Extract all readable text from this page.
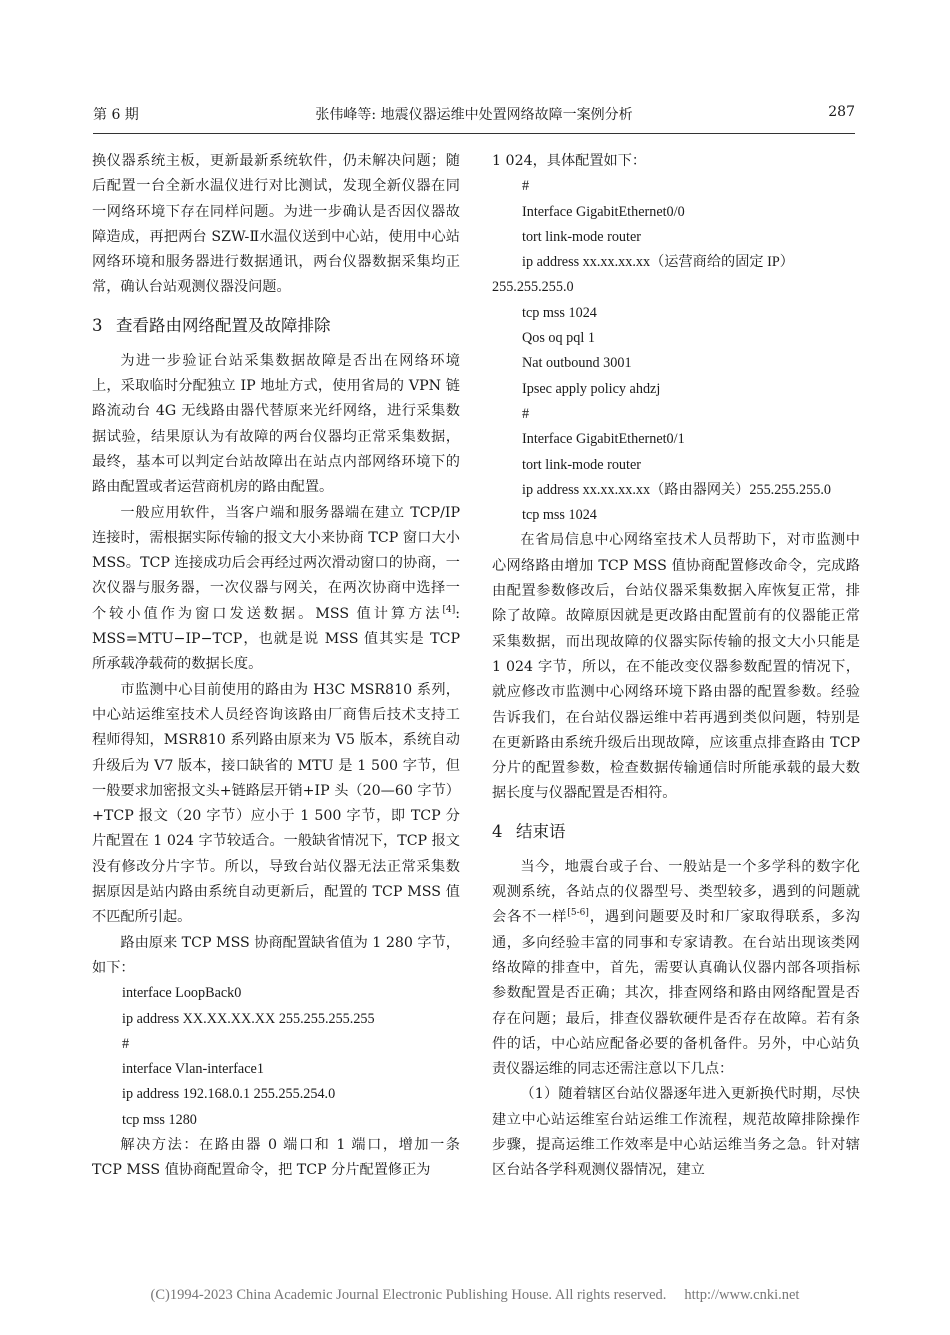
第 6 期	张伟峰等: 地震仪器运维中处置网络故障一案例分析	287

换仪器系统主板，更新最新系统软件，仍未解决问题；随后配置一台全新水温仪进行对比测试，发现全新仪器在同一网络环境下存在同样问题。为进一步确认是否因仪器故障造成，再把两台 SZW-Ⅱ水温仪送到中心站，使用中心站网络环境和服务器进行数据通讯，两台仪器数据采集均正常，确认台站观测仪器没问题。

3 查看路由网络配置及故障排除

为进一步验证台站采集数据故障是否出在网络环境上，采取临时分配独立 IP 地址方式，使用省局的 VPN 链路流动台 4G 无线路由器代替原来光纤网络，进行采集数据试验，结果原认为有故障的两台仪器均正常采集数据，最终，基本可以判定台站故障出在站点内部网络环境下的路由配置或者运营商机房的路由配置。

一般应用软件，当客户端和服务器端在建立 TCP/IP 连接时，需根据实际传输的报文大小来协商 TCP 窗口大小 MSS。TCP 连接成功后会再经过两次滑动窗口的协商，一次仪器与服务器，一次仪器与网关，在两次协商中选择一个较小值作为窗口发送数据。MSS 值计算方法[4]: MSS=MTU−IP−TCP，也就是说 MSS 值其实是 TCP 所承载净载荷的数据长度。

市监测中心目前使用的路由为 H3C MSR810 系列，中心站运维室技术人员经咨询该路由厂商售后技术支持工程师得知，MSR810 系列路由原来为 V5 版本，系统自动升级后为 V7 版本，接口缺省的 MTU 是 1 500 字节，但一般要求加密报文头+链路层开销+IP 头（20—60 字节）+TCP 报文（20 字节）应小于 1 500 字节，即 TCP 分片配置在 1 024 字节较适合。一般缺省情况下，TCP 报文没有修改分片字节。所以，导致台站仪器无法正常采集数据原因是站内路由系统自动更新后，配置的 TCP MSS 值不匹配所引起。

路由原来 TCP MSS 协商配置缺省值为 1 280 字节，如下：

interface LoopBack0
ip address XX.XX.XX.XX 255.255.255.255
#
interface Vlan-interface1
ip address 192.168.0.1 255.255.254.0
tcp mss 1280

解决方法：在路由器 0 端口和 1 端口，增加一条 TCP MSS 值协商配置命令，把 TCP 分片配置修正为

1 024，具体配置如下：

#
Interface GigabitEthernet0/0
tort link-mode router
ip address xx.xx.xx.xx（运营商给的固定 IP）
255.255.255.0
tcp mss 1024
Qos oq pql 1
Nat outbound 3001
Ipsec apply policy ahdzj
#
Interface GigabitEthernet0/1
tort link-mode router
ip address xx.xx.xx.xx（路由器网关）255.255.255.0
tcp mss 1024

在省局信息中心网络室技术人员帮助下，对市监测中心网络路由增加 TCP MSS 值协商配置修改命令，完成路由配置参数修改后，台站仪器采集数据入库恢复正常，排除了故障。故障原因就是更改路由配置前有的仪器能正常采集数据，而出现故障的仪器实际传输的报文大小只能是 1 024 字节，所以，在不能改变仪器参数配置的情况下，就应修改市监测中心网络环境下路由器的配置参数。经验告诉我们，在台站仪器运维中若再遇到类似问题，特别是在更新路由系统升级后出现故障，应该重点排查路由 TCP 分片的配置参数，检查数据传输通信时所能承载的最大数据长度与仪器配置是否相符。

4 结束语

当今，地震台或子台、一般站是一个多学科的数字化观测系统，各站点的仪器型号、类型较多，遇到的问题就会各不一样[5-6]，遇到问题要及时和厂家取得联系，多沟通，多向经验丰富的同事和专家请教。在台站出现该类网络故障的排查中，首先，需要认真确认仪器内部各项指标参数配置是否正确；其次，排查网络和路由网络配置是否存在问题；最后，排查仪器软硬件是否存在故障。若有条件的话，中心站应配备必要的备机备件。另外，中心站负责仪器运维的同志还需注意以下几点：

（1）随着辖区台站仪器逐年进入更新换代时期，尽快建立中心站运维室台站运维工作流程，规范故障排除操作步骤，提高运维工作效率是中心站运维当务之急。针对辖区台站各学科观测仪器情况，建立

(C)1994-2023 China Academic Journal Electronic Publishing House. All rights reserved. http://www.cnki.net
